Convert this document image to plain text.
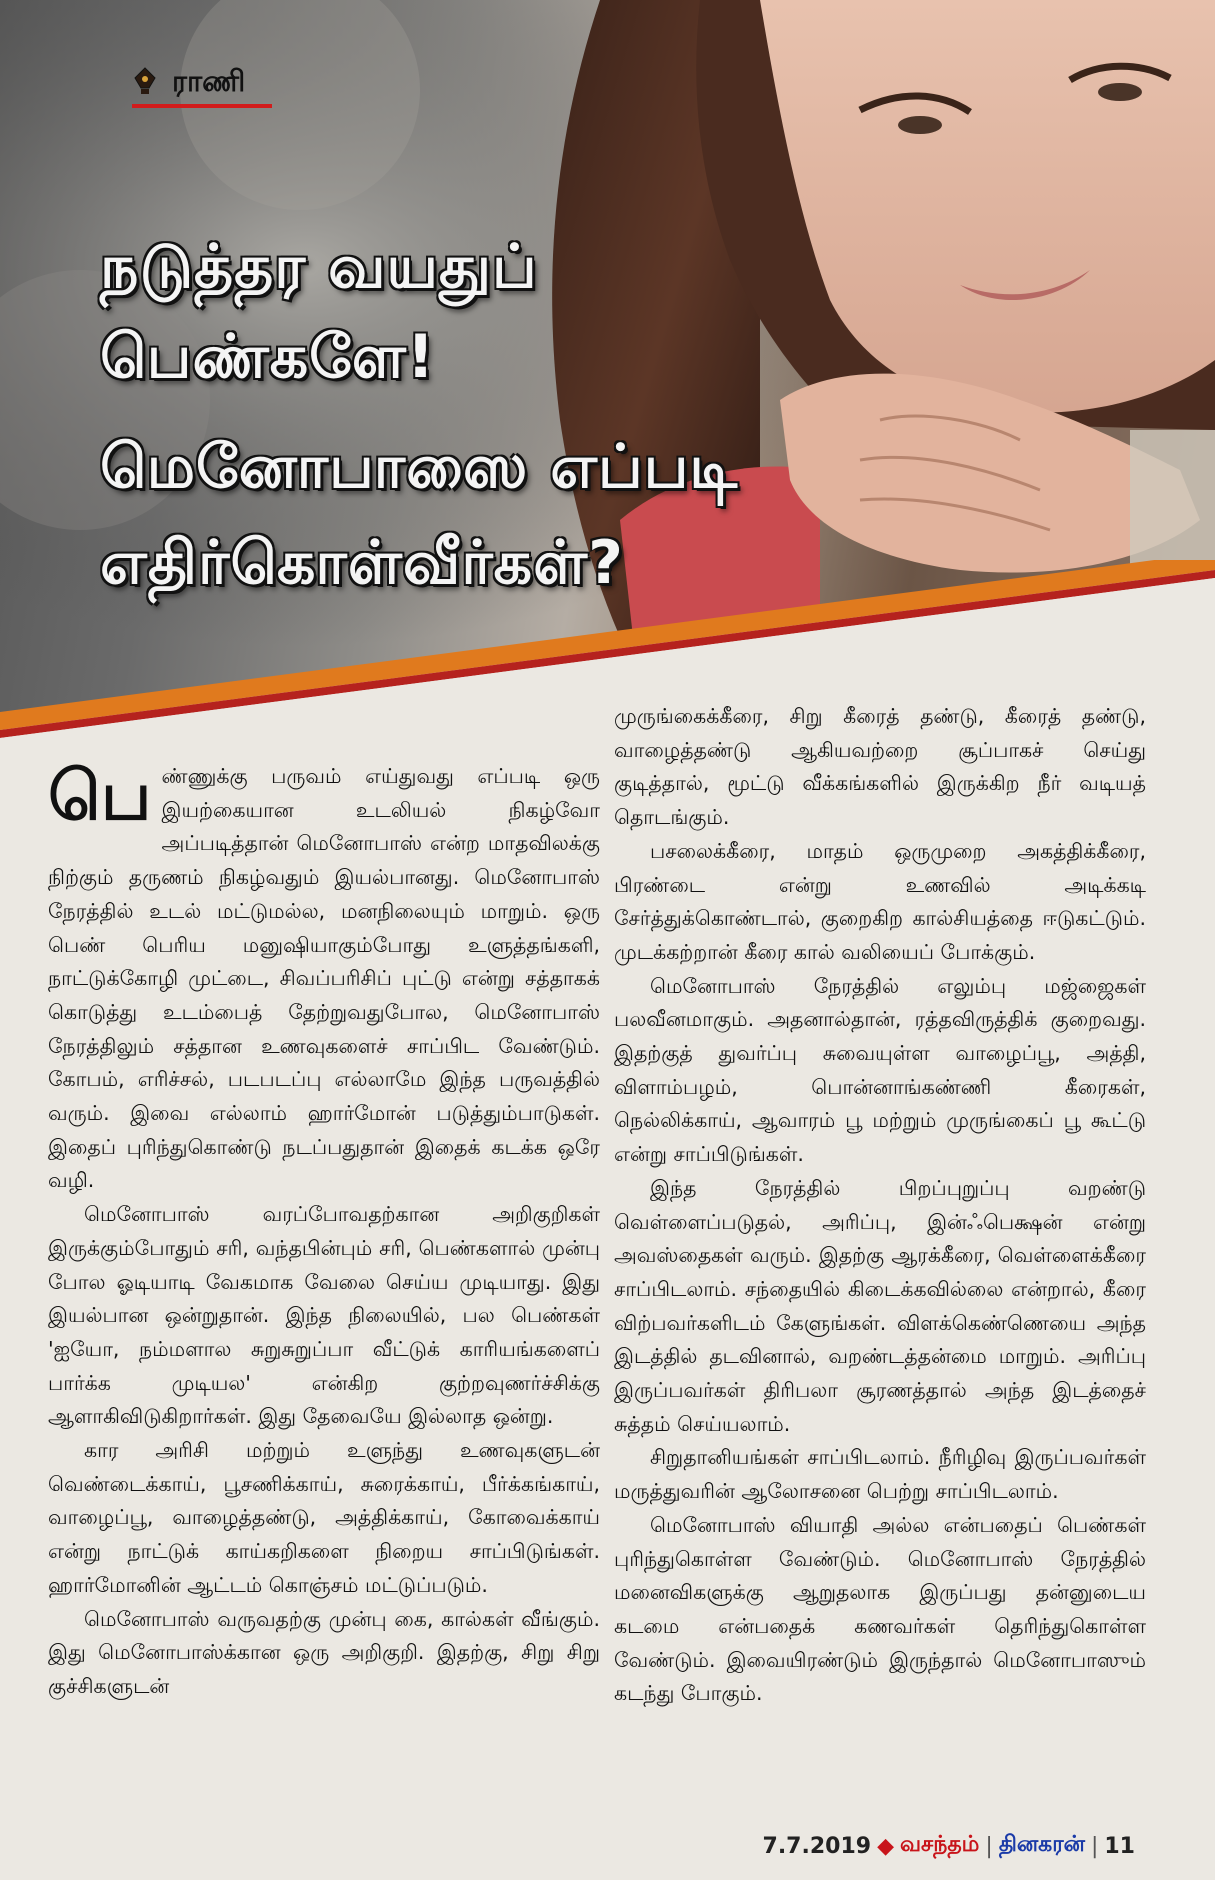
ராணி
நடுத்தர வயதுப்
பெண்களே!
மெனோபாஸை எப்படி
எதிர்கொள்வீர்கள்?

பெண்ணுக்கு பருவம் எய்துவது எப்படி ஒரு இயற்கையான உடலியல் நிகழ்வோ அப்படித்தான் மெனோபாஸ் என்ற மாதவிலக்கு நிற்கும் தருணம் நிகழ்வதும் இயல்பானது. மெனோபாஸ் நேரத்தில் உடல் மட்டுமல்ல, மனநிலையும் மாறும். ஒரு பெண் பெரிய மனுஷியாகும்போது உளுத்தங்களி, நாட்டுக்கோழி முட்டை, சிவப்பரிசிப் புட்டு என்று சத்தாகக் கொடுத்து உடம்பைத் தேற்றுவதுபோல, மெனோபாஸ் நேரத்திலும் சத்தான உணவுகளைச் சாப்பிட வேண்டும். கோபம், எரிச்சல், படபடப்பு எல்லாமே இந்த பருவத்தில் வரும். இவை எல்லாம் ஹார்மோன் படுத்தும்பாடுகள். இதைப் புரிந்துகொண்டு நடப்பதுதான் இதைக் கடக்க ஒரே வழி.

மெனோபாஸ் வரப்போவதற்கான அறிகுறிகள் இருக்கும்போதும் சரி, வந்தபின்பும் சரி, பெண்களால் முன்பு போல ஓடியாடி வேகமாக வேலை செய்ய முடியாது. இது இயல்பான ஒன்றுதான். இந்த நிலையில், பல பெண்கள் 'ஐயோ, நம்மளால சுறுசுறுப்பா வீட்டுக் காரியங்களைப் பார்க்க முடியல' என்கிற குற்றவுணர்ச்சிக்கு ஆளாகிவிடுகிறார்கள். இது தேவையே இல்லாத ஒன்று.

கார அரிசி மற்றும் உளுந்து உணவுகளுடன் வெண்டைக்காய், பூசணிக்காய், சுரைக்காய், பீர்க்கங்காய், வாழைப்பூ, வாழைத்தண்டு, அத்திக்காய், கோவைக்காய் என்று நாட்டுக் காய்கறிகளை நிறைய சாப்பிடுங்கள். ஹார்மோனின் ஆட்டம் கொஞ்சம் மட்டுப்படும்.

மெனோபாஸ் வருவதற்கு முன்பு கை, கால்கள் வீங்கும். இது மெனோபாஸ்க்கான ஒரு அறிகுறி. இதற்கு, சிறு சிறு குச்சிகளுடன்

முருங்கைக்கீரை, சிறு கீரைத் தண்டு, கீரைத் தண்டு, வாழைத்தண்டு ஆகியவற்றை சூப்பாகச் செய்து குடித்தால், மூட்டு வீக்கங்களில் இருக்கிற நீர் வடியத் தொடங்கும்.

பசலைக்கீரை, மாதம் ஒருமுறை அகத்திக்கீரை, பிரண்டை என்று உணவில் அடிக்கடி சேர்த்துக்கொண்டால், குறைகிற கால்சியத்தை ஈடுகட்டும். முடக்கற்றான் கீரை கால் வலியைப் போக்கும்.

மெனோபாஸ் நேரத்தில் எலும்பு மஜ்ஜைகள் பலவீனமாகும். அதனால்தான், ரத்தவிருத்திக் குறைவது. இதற்குத் துவர்ப்பு சுவையுள்ள வாழைப்பூ, அத்தி, விளாம்பழம், பொன்னாங்கண்ணி கீரைகள், நெல்லிக்காய், ஆவாரம் பூ மற்றும் முருங்கைப் பூ கூட்டு என்று சாப்பிடுங்கள்.

இந்த நேரத்தில் பிறப்புறுப்பு வறண்டு வெள்ளைப்படுதல், அரிப்பு, இன்ஃபெக்ஷன் என்று அவஸ்தைகள் வரும். இதற்கு ஆரக்கீரை, வெள்ளைக்கீரை சாப்பிடலாம். சந்தையில் கிடைக்கவில்லை என்றால், கீரை விற்பவர்களிடம் கேளுங்கள். விளக்கெண்ணெயை அந்த இடத்தில் தடவினால், வறண்டத்தன்மை மாறும். அரிப்பு இருப்பவர்கள் திரிபலா சூரணத்தால் அந்த இடத்தைச் சுத்தம் செய்யலாம்.

சிறுதானியங்கள் சாப்பிடலாம். நீரிழிவு இருப்பவர்கள் மருத்துவரின் ஆலோசனை பெற்று சாப்பிடலாம்.

மெனோபாஸ் வியாதி அல்ல என்பதைப் பெண்கள் புரிந்துகொள்ள வேண்டும். மெனோபாஸ் நேரத்தில் மனைவிகளுக்கு ஆறுதலாக இருப்பது தன்னுடைய கடமை என்பதைக் கணவர்கள் தெரிந்துகொள்ள வேண்டும். இவையிரண்டும் இருந்தால் மெனோபாஸும் கடந்து போகும்.

7.7.2019 ◆ வசந்தம் | தினகரன் | 11
